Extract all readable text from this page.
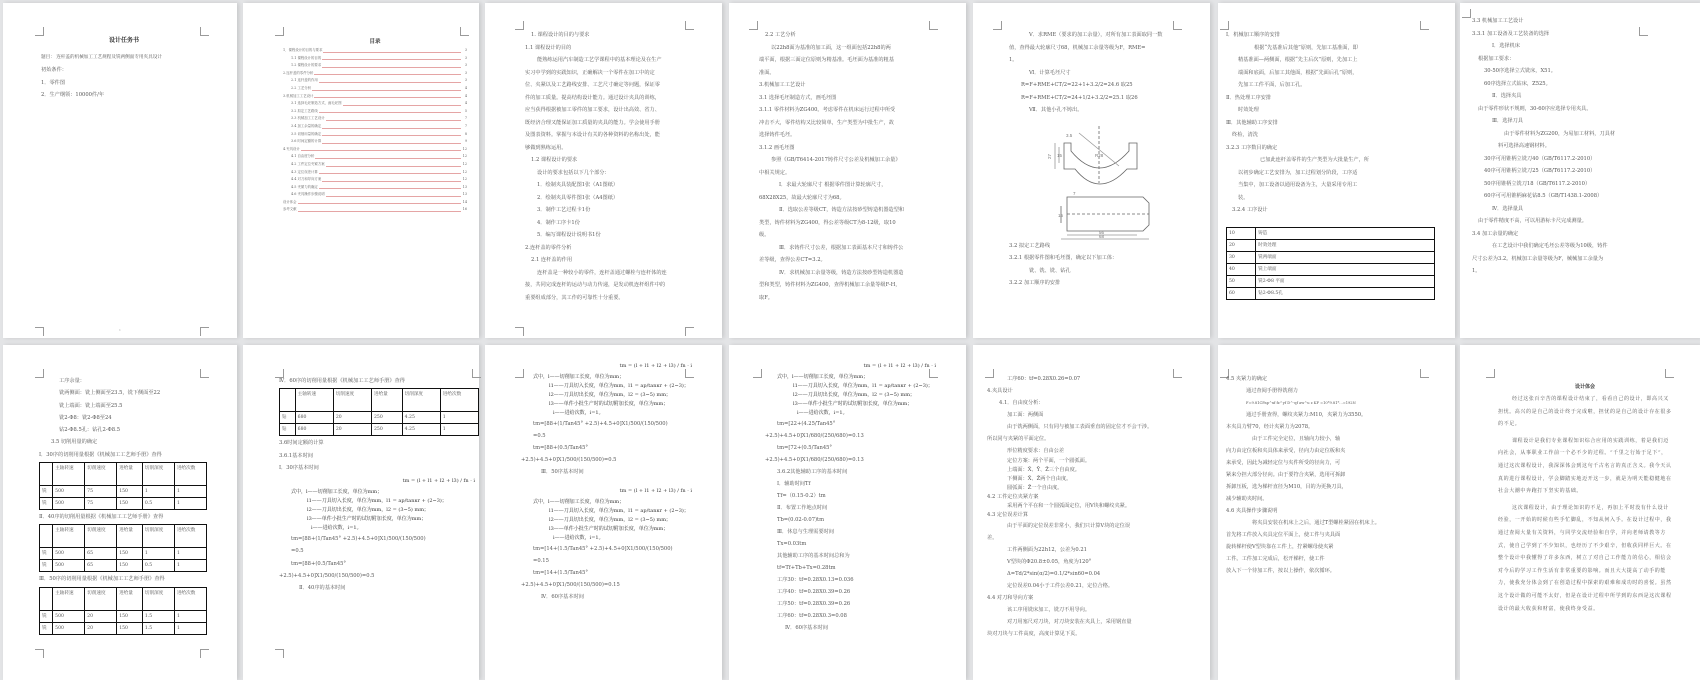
设计任务书
题目： 连杆盖的机械加工工艺规程及铣两侧面专用夹具设计
初始条件：
1．零件图
2．生产纲领：10000件/年
1
目录
1．课程设计的目的与要求	3
1.1 课程设计的目的	3
1.2 课程设计的要求	3
2.连杆盖的零件分析	3
2.1 连杆盖的作用	3
2.2 工艺分析	4
3.机械加工工艺设计	4
3.1 选择毛坯制造方式、画毛坯图	4
3.2 拟定工艺路线	5
3.3 机械加工工艺设计	7
3.4 加工余量的确定	7
3.5 切削用量的确定	8
3.6 时间定额的计算	9
4.夹具设计	12
4.1 自由度分析	12
4.2 工件定位夹紧方案	12
4.3 定位误差计算	12
4.4 对刀和导向方案	12
4.5 夹紧力的确定	13
4.6 夹具操作步骤说明	13
设计体会	14
参考文献	16
1. 课程设计的目的与要求
1.1 课程设计的目的
能熟练运用汽车制造工艺学课程中的基本理论及在生产
实习中学到的实践知识，正确解决一个零件在加工中的定
位、夹紧以及工艺路线安排、工艺尺寸确定等问题，保证零
件的加工质量。提高结构设计能力。通过设计夹具的训练，
应当获得根据被加工零件的加工要求，设计出高效、省力、
既经济合理又能保证加工质量的夹具的能力。学会使用手册
及图表资料。掌握与本设计有关的各种资料的名称出处，能
够做到熟练运用。
1.2 课程设计的要求
设计的要求包括以下几个部分：
1．绘制夹具装配图1张（A1图纸）
2．绘制夹具零件图1张（A4图纸）
3．制作工艺过程卡1份
4．制作工序卡1份
5．编写课程设计说明书1份
2.连杆盖的零件分析
2.1 连杆盖的作用
连杆盖是一种较小的零件，连杆盖通过螺栓与连杆体的连
接，共同完成连杆的运动与动力传递，是发动机连杆组件中的
重要组成部分，其工作的可靠性十分重要。
2.2 工艺分析
以22h8面为基准的加工面，这一组面包括22h8的两
端平面，根据三面定位原则为精基准。毛坯面为基准的粗基
准面。
3.机械加工工艺设计
3.1 选择毛坯制造方式，画毛坯图
3.1.1 零件材料为ZG400。考虑零件在机床运行过程中所受
冲击不大，零件结构又比较简单，生产类型为中批生产，故
选择铸件毛坯。
3.1.2 画毛坯图
参照《GB/T6414-2017铸件尺寸公差及机械加工余量》
中相关规定。
Ⅰ．求最大轮廓尺寸 根据零件图计算轮廓尺寸，
68X28X25，故最大轮廓尺寸为68。
Ⅱ．选取公差等级CT，铸造方法按砂型铸造机器造型和
类型，铸件材料为ZG400，得公差等级CT为8-12级，取10
级。
Ⅲ．求铸件尺寸公差，根据加工表面基本尺寸和铸件公
差等级，查得公差CT=3.2。
Ⅳ．求机械加工余量等级，铸造方法按砂型铸造机器造
型和类型，铸件材料为ZG400，查得机械加工余量等级F-H，
取F。
Ⅴ．求RME（要求的加工余量），对所有加工表面取同一数
值，查得最大轮廓尺寸68，机械加工余量等级为F，RME=
1。
Ⅵ．计算毛坯尺寸
R=F+RME+CT/2=22+1+3.2/2=24.6 取25
R=F+RME+CT/2=24+1/2+3.2/2=25.1 取26
Ⅶ．其他小孔不铸出。
27 15
3.5
R28
15
56
68
7
3.2 拟定工艺路线
3.2.1 根据零件图和毛坯图，确定以下加工体：
铣、铣、铣、钻孔
3.2.2 加工顺序的安排
Ⅰ．机械加工顺序的安排
根据“先基准后其他”原则，先加工基准面，即
精基准面—两侧面，根据“先主后次”原则，先加工上
端面和底面，后加工其他面，根据“先面后孔”原则，
先加工工件平面，后加工孔。
Ⅱ．热处理工序安排
时效处理
Ⅲ．其他辅助工序安排
终检，清洗
3.2.3 工序数目的确定
已加此连杆盖零件的生产类型为大批量生产，所
以初步确定工艺安排为，加工过程划分阶段，工序适
当集中，加工设备以通用设备为主，大量采用专用工
装。
3.2.4 工序设计
10	铸造
20	时效处理
30	铣两端面
40	铣上端面
50	铣2-Φ8 平面
60	钻2-Φ8.5孔
3.3 机械加工工艺设计
3.3.1 加工设备及工艺装备的选择
Ⅰ．选择机床
根据加工要求：
30-50序选择立式铣床，X51。
60序选择立式钻床，Z525。
Ⅱ．选择夹具
由于零件形状不规则，30-60序应选择专用夹具。
Ⅲ．选择刀具
由于零件材料为ZG200，为易加工材料，刀具材
料可选择高速钢材料。
30序可用锥柄立铣刀40（GB/T6117.2-2010）
40序可用锥柄立铣刀25（GB/T6117.2-2010）
50序用锥柄立铣刀18（GB/T6117.2-2010）
60序可可用锥柄麻花钻8.5（GB/T1438.1-2008）
Ⅳ．选择量具
由于零件精度不高，可以用游标卡尺完成测量。
3.4 加工余量的确定
在工艺设计中我们确定毛坯公差等级为10级，铸件
尺寸公差为3.2。机械加工余量等级为F，械械加工余量为
1。
工序余量：
铣两侧面：铣上侧面至23.5，铣下侧面至22
铣上端面：铣上端面至25.5
铣2-Φ8：铣2-Φ8至24
钻2-Φ8.5孔：钻孔2-Φ8.5
3.5 切削用量的确定
Ⅰ．30序的切削用量根据《机械加工工艺师手册》查得
	主轴转速	切削速度	进给量	切削深度	进给次数
铣	500	75	150	1	1
铣	500	75	150	0.5	1
Ⅱ．40序的切削用量根据《机械加工工艺师手册》查得
	主轴转速	切削速度	进给量	切削深度	进给次数
铣	500	65	150	1	1
铣	500	65	150	0.5	1
Ⅲ．50序的切削用量根据《机械加工工艺师手册》查得
	主轴转速	切削速度	进给量	切削深度	进给次数
铣	500	20	150	1.5	1
铣	500	20	150	1.5	1
Ⅳ．60序的切削用量根据《机械加工工艺师手册》查得
	主轴转速	切削速度	进给量	切削深度	进给次数
钻	680	20	250	4.25	1
钻	680	20	250	4.25	1
3.6时间定额的计算
3.6.1基本时间
Ⅰ．30序基本时间
tm = (l + l1 + l2 + l3) / fn · i
式中，l——切削加工长度，单位为mm；
l1——刀具切入长度，单位为mm，l1 = ap/tanκr + (2~3)；
l2——刀具切出长度，单位为mm，l2 = (3~5) mm；
l3——单件小批生产时的试切附加长度，单位为mm；
i——进给次数，i=1。
tm=[88+(1/Tan45° +2.5)+4.5+0]X1/500/(150/500)
=0.5
tm=[88+(0.5/Tan45°
+2.5)+4.5+0]X1/500/(150/500)=0.5
Ⅱ．40序的基本时间
tm = (l + l1 + l2 + l3) / fn · i
式中，l——切削加工长度，单位为mm；
l1——刀具切入长度，单位为mm，l1 = ap/tanκr + (2~3)；
l2——刀具切出长度，单位为mm，l2 = (3~5) mm；
l3——单件小批生产时的试切附加长度，单位为mm；
i——进给次数，i=1。
tm=[88+(1/Tan45° +2.5)+4.5+0]X1/500/(150/500)
=0.5
tm=[88+(0.5/Tan45°
+2.5)+4.5+0]X1/500/(150/500)=0.5
Ⅲ．50序基本时间
tm = (l + l1 + l2 + l3) / fn · i
式中，l——切削加工长度，单位为mm；
l1——刀具切入长度，单位为mm，l1 = ap/tanκr + (2~3)；
l2——刀具切出长度，单位为mm，l2 = (3~5) mm；
l3——单件小批生产时的试切附加长度，单位为mm；
i——进给次数，i=1。
tm=[14+(1.5/Tan45° +2.5)+4.5+0]X1/500/(150/500)
=0.15
tm=[14+(1.5/Tan45°
+2.5)+4.5+0]X1/500/(150/500)=0.15
Ⅳ．60序基本时间
tm = (l + l1 + l2 + l3) / fn · i
式中，l——切削加工长度，单位为mm；
l1——刀具切入长度，单位为mm，l1 = ap/tanκr + (2~3)；
l2——刀具切出长度，单位为mm，l2 = (3~5) mm；
l3——单件小批生产时的试切附加长度，单位为mm；
i——进给次数，i=1。
tm=[22+(4.25/Tan45°
+2.5)+4.5+0]X1/680/(250/680)=0.13
tm=[72+(0.5/Tan45°
+2.5)+4.5+0]X1/680/(250/680)=0.13
3.6.2其他辅助工序的基本时间
Ⅰ．辅助时间Tf
Tf=（0.15-0.2）tm
Ⅱ．布置工作地点时间
Tb=(0.02-0.07)tm
Ⅲ．休息与生理需要时间
Tx=0.03tm
其他辅助工序的基本时间总和为
tf=Tf+Tb+Tx=0.28tm
工序30：tf=0.28X0.13=0.036
工序40：tf=0.28X0.39=0.26
工序50：tf=0.28X0.39=0.26
工序60：tf=0.28X0.3=0.08
Ⅳ．60序基本时间
工序60：tf=0.28X0.26=0.07
4.夹具设计
4.1．自由度分析：
加工面：两侧面
由于铣两侧面，只有同与被加工表面垂直的固定位才不会干涉。
所以同与夹紧的平面定位。
形位精度要求：自由公差
定位方案：两个平面，一个圆弧面。
上端面：X̄、Ȳ、Z̄三个自由度。
下侧面：X̄、Z̄两个自由度。
圆弧面：Z̄一个自由度。
4.2 工件定位夹紧方案
采用两个平在和一个圆弧面定位，用V块和螺纹夹紧。
4.3 定位误差计算
由于平面的定位误差非常小，我们只计算V块的定位误
差。
工件两侧面为22h12，公差为0.21
V型块的Φ20.8±0.05，角度为120°
Δ=Td/2*sin(α/2)=0.1/2*sin60=0.04
定位误差0.04小于工件公差0.21，定位合格。
4.4 对刀和导向方案
该工序用铣床加工，铣刀不用导向。
对刀用塞尺对刀块，对刀块安装在夹具上，采用钢直量
块对刀块与工件高度，高度计算见下页。
4.5 夹紧力的确定
通过查阅手册得铣削力
F=9.81CFap^xf fz^yf D^-qf aw^u z KF =10*9.81*...=192N
通过手册查得，螺纹夹紧力:M10，夹紧力为3550。
本夹具力臂70，经计夹紧力为2078。
由于工件完全定位，且轴向力较小，轴
向力由定位板和夹具体来承受，径向力由定位板和夹
来承受，因此为减轻定位与夹件所受的径向力，可
紧来分担大部分径向。由于要符合夹紧，选用可拆卸
拆卸压板，选为梯杆直径为M10，目的为更换刀具，
减少辅助夹时间。
4.6 夹具操作步骤说明
将夹具安装在机床上之后，通过T型螺栓紧固在机床上。
首先将工件放入夹具定位平面上，使工件与夹具面
旋转梯杆使V型块靠在工件上，拧紧螺母使夹紧
工件。工件加工完成后，松开梯杆，使工件
放入下一个待加工件，按以上操作，依次循环。
设计体会

经过这张百辛苦的课程设计结束了，看看自己的设计，即高兴又担忧。高兴的是自己的设计终于完成啦，担忧的是自己的设计存在很多的不足。

课程设计是我们专业课程知识综合应用的实践训练，着是我们迈向社会，从事职业工作前一个必不少的过程。“千里之行始于足下”，通过这次课程设计，我深深体会到这句千古名言的真正含义。我今天认真的进行课程设计，学会脚踏实地迈开这一步，就是为明天能稳健地在社会大潮中奔跑打下坚实的基础。

这次课程设计，由于理论知识的不足，再加上平时没有什么设计经验，一开始的时候有些手忙脚乱，不知从何入手。在设计过程中，我通过查阅大量有关资料，与同学交流经验和自学，并向老师请教等方式，使自己学到了不少知识，也经历了不少艰辛，但收获同样巨大。在整个设计中我懂得了许多东西，树立了对自己工作能力的信心，相信会对今后的学习工作生活有非常重要的影响。而且大大提高了动手的能力，使我充分体会到了在创造过程中探索的艰难和成功时的喜悦。虽然这个设计做的可能不太好，但是在设计过程中所学到的东西是这次课程设计的最大收获和财富，使我终身受益。
